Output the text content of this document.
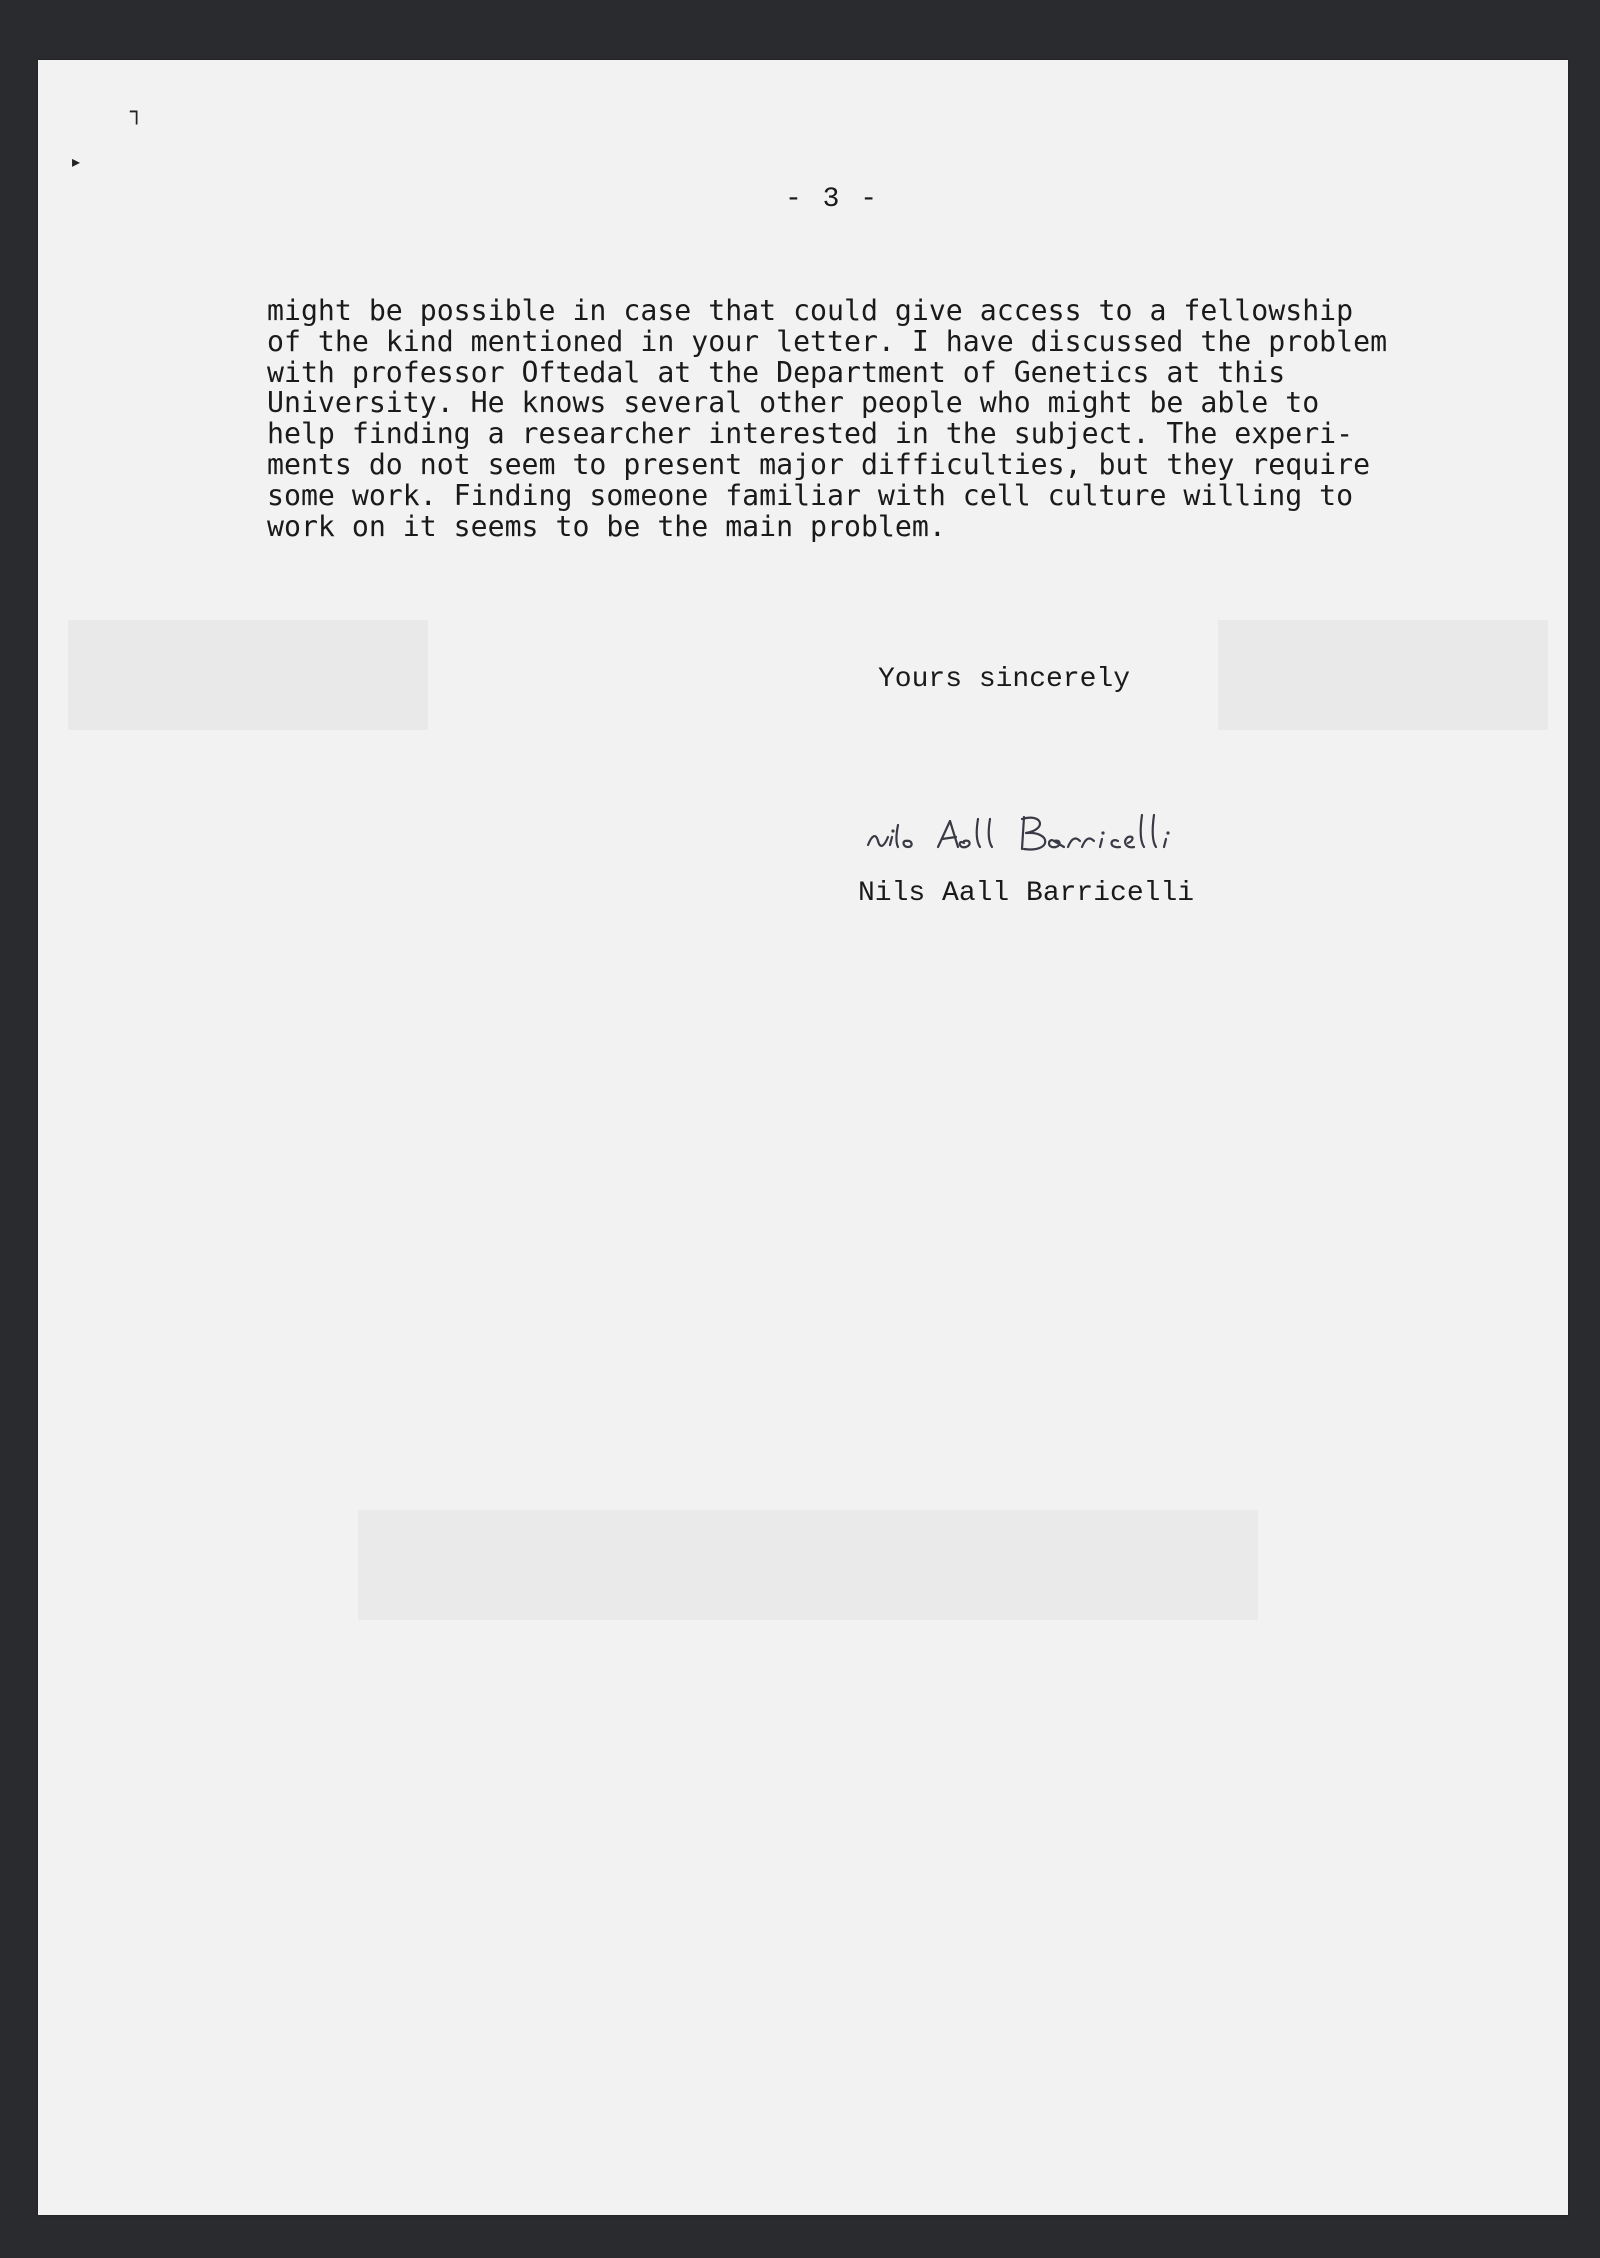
┐
▸
- 3 -
might be possible in case that could give access to a fellowship
of the kind mentioned in your letter. I have discussed the problem
with professor Oftedal at the Department of Genetics at this
University. He knows several other people who might be able to
help finding a researcher interested in the subject. The experi-
ments do not seem to present major difficulties, but they require
some work. Finding someone familiar with cell culture willing to
work on it seems to be the main problem.
Yours sincerely
Nils Aall Barricelli
